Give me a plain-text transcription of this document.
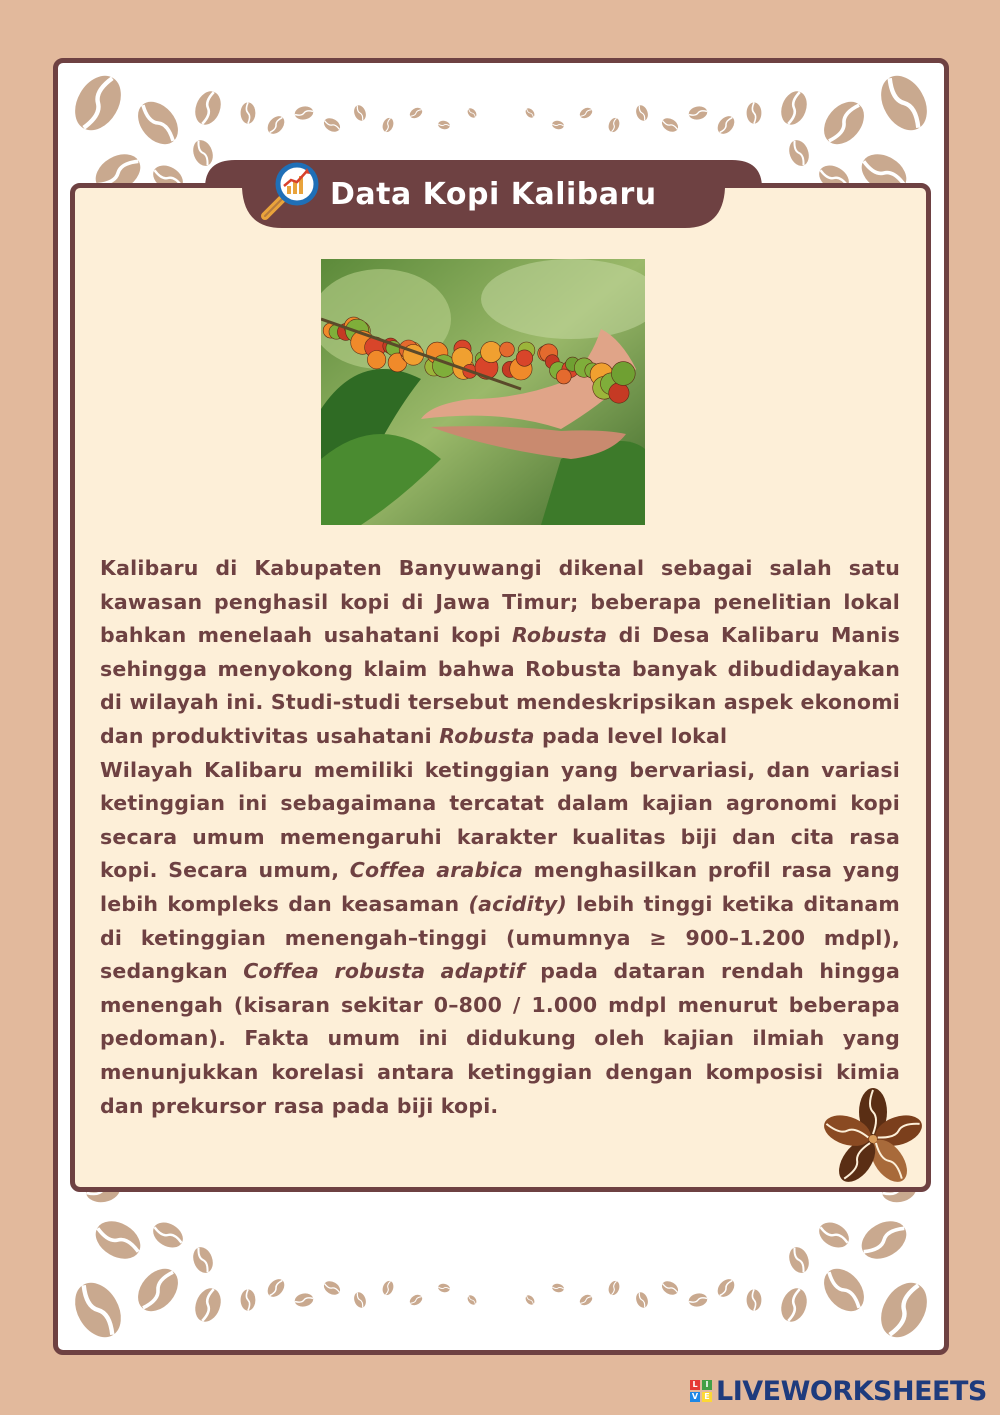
Data Kopi Kalibaru

Kalibaru di Kabupaten Banyuwangi dikenal sebagai salah satu kawasan penghasil kopi di Jawa Timur; beberapa penelitian lokal bahkan menelaah usahatani kopi Robusta di Desa Kalibaru Manis sehingga menyokong klaim bahwa Robusta banyak dibudidayakan di wilayah ini. Studi-studi tersebut mendeskripsikan aspek ekonomi dan produktivitas usahatani Robusta pada level lokal

Wilayah Kalibaru memiliki ketinggian yang bervariasi, dan variasi ketinggian ini sebagaimana tercatat dalam kajian agronomi kopi secara umum memengaruhi karakter kualitas biji dan cita rasa kopi. Secara umum, Coffea arabica menghasilkan profil rasa yang lebih kompleks dan keasaman (acidity) lebih tinggi ketika ditanam di ketinggian menengah–tinggi (umumnya ≥ 900–1.200 mdpl), sedangkan Coffea robusta adaptif pada dataran rendah hingga menengah (kisaran sekitar 0–800 / 1.000 mdpl menurut beberapa pedoman). Fakta umum ini didukung oleh kajian ilmiah yang menunjukkan korelasi antara ketinggian dengan komposisi kimia dan prekursor rasa pada biji kopi.

L I
V E LIVEWORKSHEETS
